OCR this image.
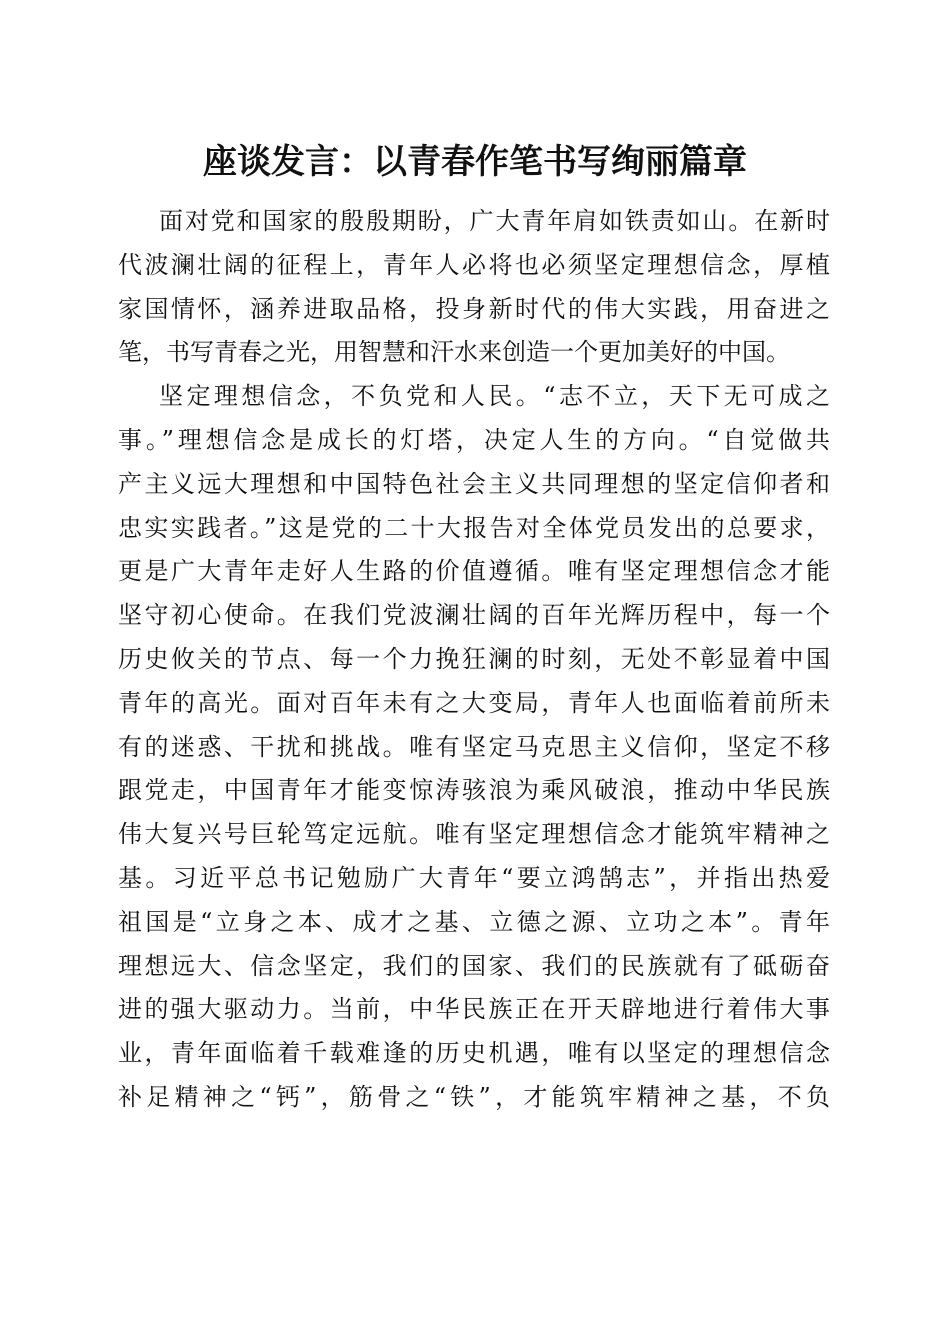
座谈发言：以青春作笔书写绚丽篇章
面对党和国家的殷殷期盼，广大青年肩如铁责如山。在新时
代波澜壮阔的征程上，青年人必将也必须坚定理想信念，厚植
家国情怀，涵养进取品格，投身新时代的伟大实践，用奋进之
笔，书写青春之光，用智慧和汗水来创造一个更加美好的中国。
坚定理想信念，不负党和人民。“志不立，天下无可成之
事。”理想信念是成长的灯塔，决定人生的方向。“自觉做共
产主义远大理想和中国特色社会主义共同理想的坚定信仰者和
忠实实践者。”这是党的二十大报告对全体党员发出的总要求，
更是广大青年走好人生路的价值遵循。唯有坚定理想信念才能
坚守初心使命。在我们党波澜壮阔的百年光辉历程中，每一个
历史攸关的节点、每一个力挽狂澜的时刻，无处不彰显着中国
青年的高光。面对百年未有之大变局，青年人也面临着前所未
有的迷惑、干扰和挑战。唯有坚定马克思主义信仰，坚定不移
跟党走，中国青年才能变惊涛骇浪为乘风破浪，推动中华民族
伟大复兴号巨轮笃定远航。唯有坚定理想信念才能筑牢精神之
基。习近平总书记勉励广大青年“要立鸿鹄志”，并指出热爱
祖国是“立身之本、成才之基、立德之源、立功之本”。青年
理想远大、信念坚定，我们的国家、我们的民族就有了砥砺奋
进的强大驱动力。当前，中华民族正在开天辟地进行着伟大事
业，青年面临着千载难逢的历史机遇，唯有以坚定的理想信念
补足精神之“钙”，筋骨之“铁”，才能筑牢精神之基，不负
